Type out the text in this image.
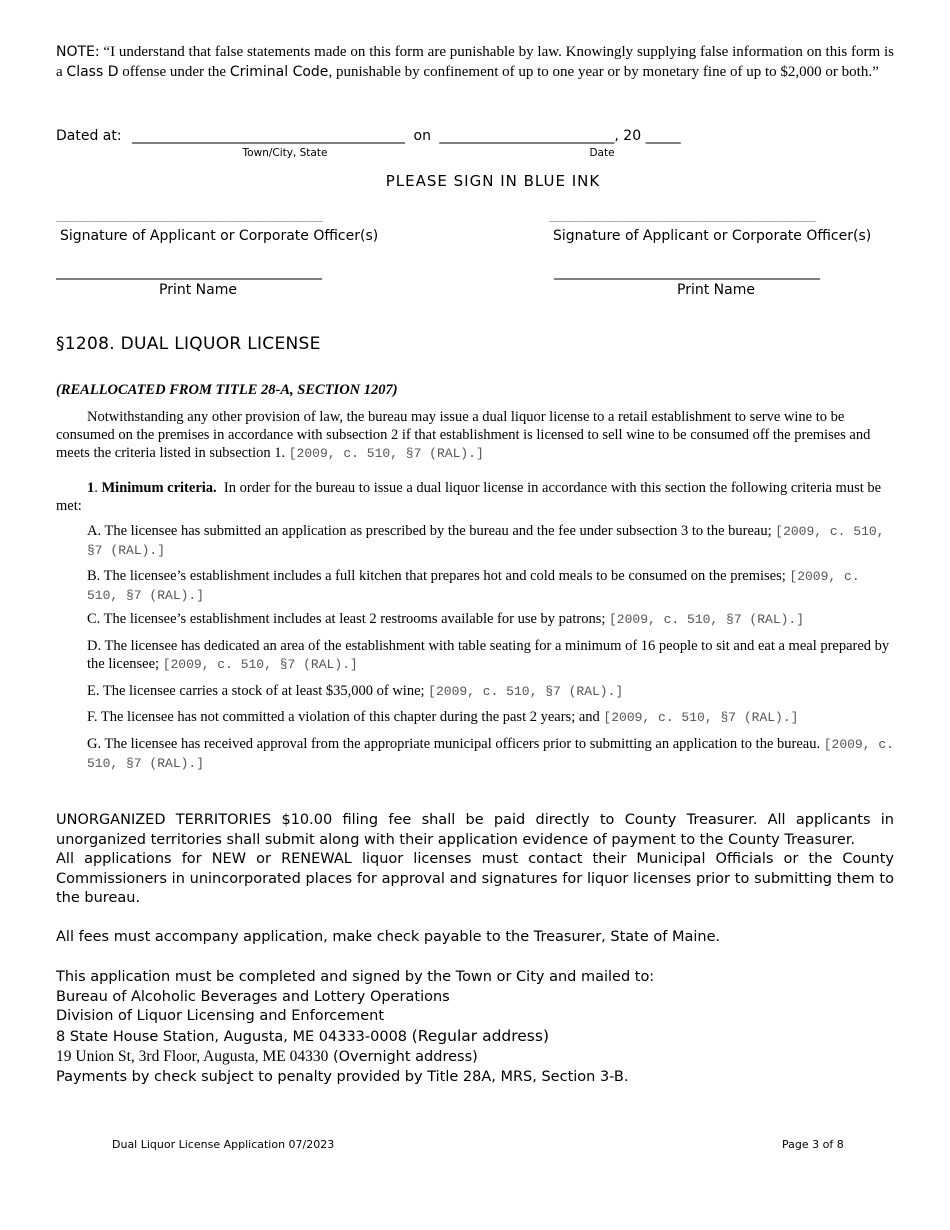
NOTE: “I understand that false statements made on this form are punishable by law. Knowingly supplying false information on this form is a Class D offense under the Criminal Code, punishable by confinement of up to one year or by monetary fine of up to $2,000 or both.”
Dated at: _______________________________________ on _________________________, 20 _____
Town/City, State	Date
PLEASE SIGN IN BLUE INK
_____________________________________________________
Signature of Applicant or Corporate Officer(s)
_____________________________________________________
Signature of Applicant or Corporate Officer(s)
______________________________________
Print Name
______________________________________
Print Name
§1208. DUAL LIQUOR LICENSE
(REALLOCATED FROM TITLE 28-A, SECTION 1207)
Notwithstanding any other provision of law, the bureau may issue a dual liquor license to a retail establishment to serve wine to be consumed on the premises in accordance with subsection 2 if that establishment is licensed to sell wine to be consumed off the premises and meets the criteria listed in subsection 1. [2009, c. 510, §7 (RAL).]
1. Minimum criteria. In order for the bureau to issue a dual liquor license in accordance with this section the following criteria must be met:
A. The licensee has submitted an application as prescribed by the bureau and the fee under subsection 3 to the bureau; [2009, c. 510, §7 (RAL).]
B. The licensee’s establishment includes a full kitchen that prepares hot and cold meals to be consumed on the premises; [2009, c. 510, §7 (RAL).]
C. The licensee’s establishment includes at least 2 restrooms available for use by patrons; [2009, c. 510, §7 (RAL).]
D. The licensee has dedicated an area of the establishment with table seating for a minimum of 16 people to sit and eat a meal prepared by the licensee; [2009, c. 510, §7 (RAL).]
E. The licensee carries a stock of at least $35,000 of wine; [2009, c. 510, §7 (RAL).]
F. The licensee has not committed a violation of this chapter during the past 2 years; and [2009, c. 510, §7 (RAL).]
G. The licensee has received approval from the appropriate municipal officers prior to submitting an application to the bureau. [2009, c. 510, §7 (RAL).]
UNORGANIZED TERRITORIES $10.00 filing fee shall be paid directly to County Treasurer. All applicants in unorganized territories shall submit along with their application evidence of payment to the County Treasurer.
All applications for NEW or RENEWAL liquor licenses must contact their Municipal Officials or the County Commissioners in unincorporated places for approval and signatures for liquor licenses prior to submitting them to the bureau.
All fees must accompany application, make check payable to the Treasurer, State of Maine.
This application must be completed and signed by the Town or City and mailed to:
Bureau of Alcoholic Beverages and Lottery Operations
Division of Liquor Licensing and Enforcement
8 State House Station, Augusta, ME 04333-0008 (Regular address)
19 Union St, 3rd Floor, Augusta, ME 04330 (Overnight address)
Payments by check subject to penalty provided by Title 28A, MRS, Section 3-B.
Dual Liquor License Application 07/2023	Page 3 of 8
